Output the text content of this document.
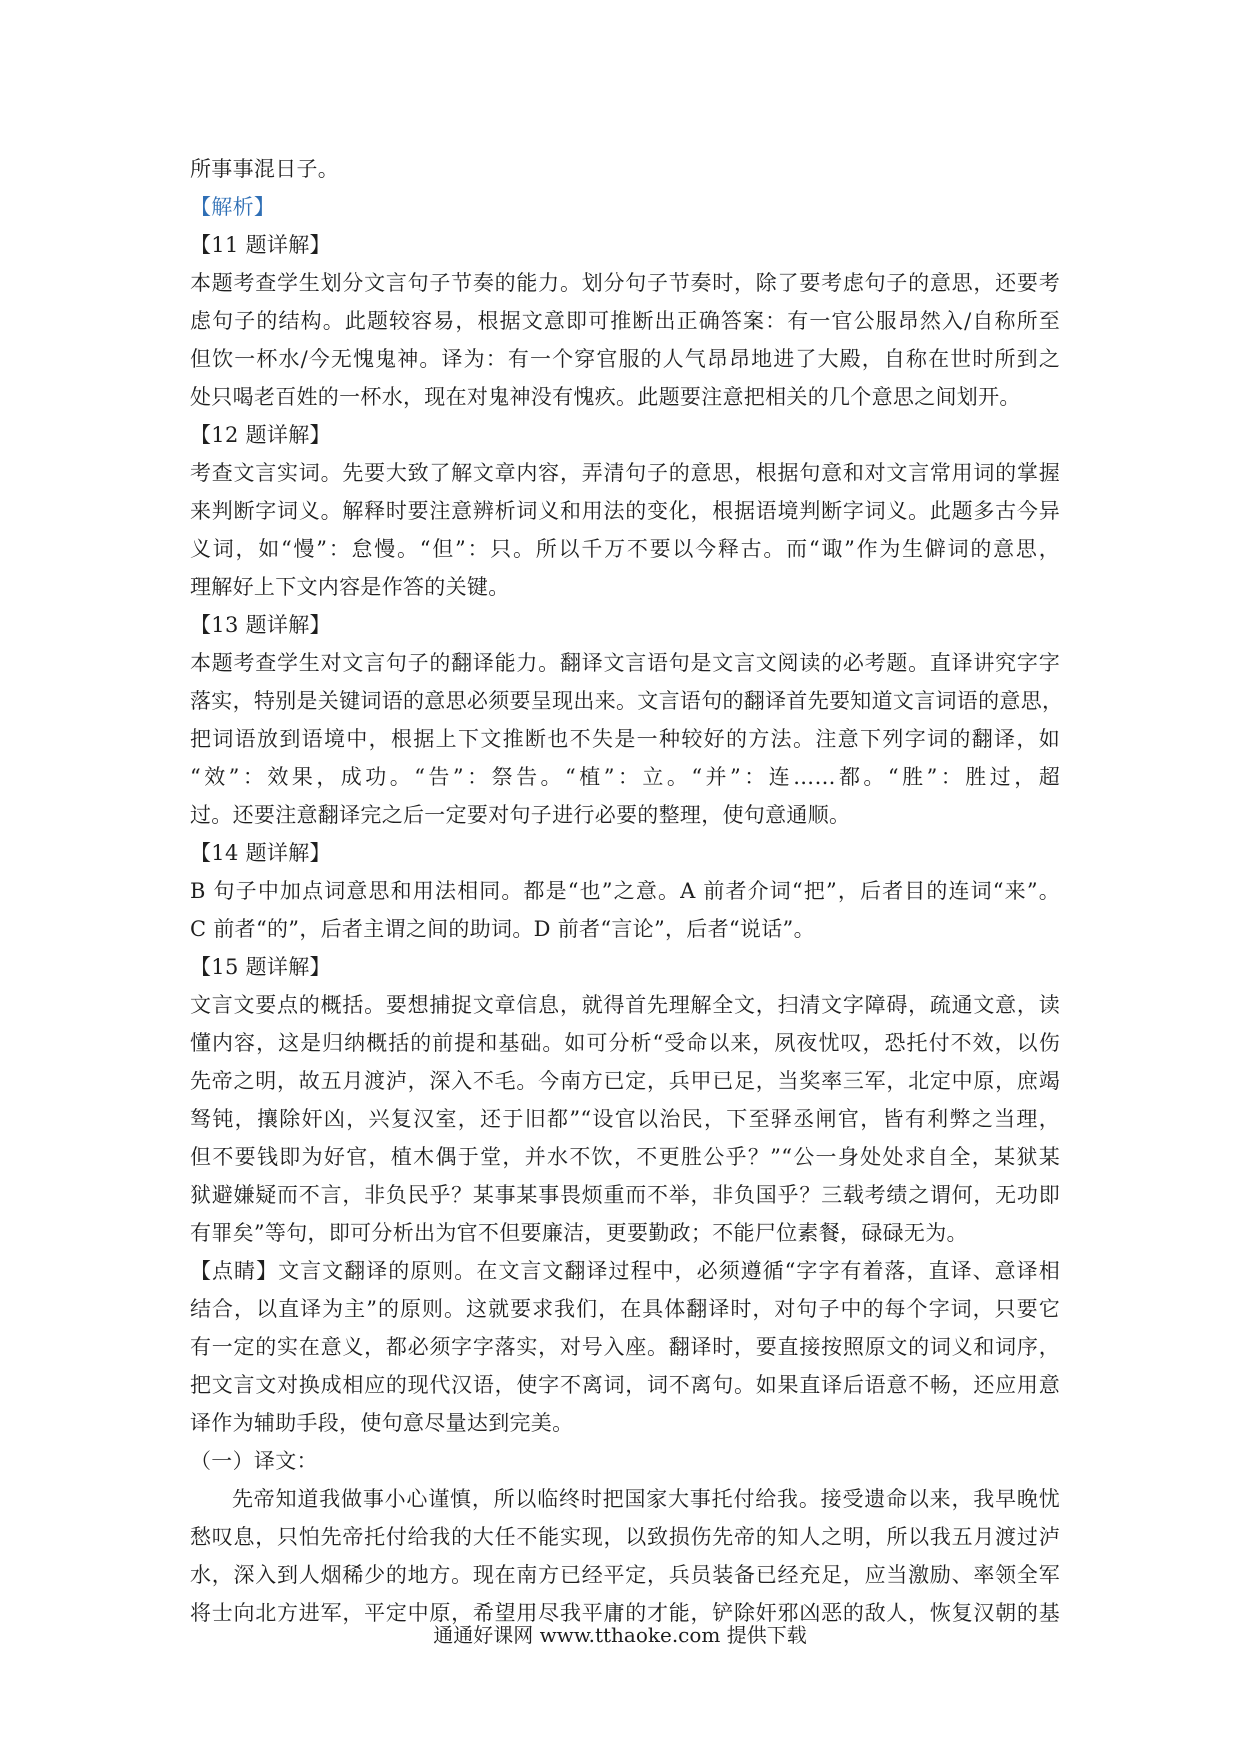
所事事混日子。
【解析】
【11 题详解】
本题考查学生划分文言句子节奏的能力。划分句子节奏时，除了要考虑句子的意思，还要考
虑句子的结构。此题较容易，根据文意即可推断出正确答案：有一官公服昂然入/自称所至
但饮一杯水/今无愧鬼神。译为：有一个穿官服的人气昂昂地进了大殿，自称在世时所到之
处只喝老百姓的一杯水，现在对鬼神没有愧疚。此题要注意把相关的几个意思之间划开。
【12 题详解】
考查文言实词。先要大致了解文章内容，弄清句子的意思，根据句意和对文言常用词的掌握
来判断字词义。解释时要注意辨析词义和用法的变化，根据语境判断字词义。此题多古今异
义词，如“慢”：怠慢。“但”：只。所以千万不要以今释古。而“诹”作为生僻词的意思，
理解好上下文内容是作答的关键。
【13 题详解】
本题考查学生对文言句子的翻译能力。翻译文言语句是文言文阅读的必考题。直译讲究字字
落实，特别是关键词语的意思必须要呈现出来。文言语句的翻译首先要知道文言词语的意思，
把词语放到语境中，根据上下文推断也不失是一种较好的方法。注意下列字词的翻译，如
“效”：效果，成功。“告”：祭告。“植”：立。“并”：连……都。“胜”：胜过，超
过。还要注意翻译完之后一定要对句子进行必要的整理，使句意通顺。
【14 题详解】
B 句子中加点词意思和用法相同。都是“也”之意。A 前者介词“把”，后者目的连词“来”。
C 前者“的”，后者主谓之间的助词。D 前者“言论”，后者“说话”。
【15 题详解】
文言文要点的概括。要想捕捉文章信息，就得首先理解全文，扫清文字障碍，疏通文意，读
懂内容，这是归纳概括的前提和基础。如可分析“受命以来，夙夜忧叹，恐托付不效，以伤
先帝之明，故五月渡泸，深入不毛。今南方已定，兵甲已足，当奖率三军，北定中原，庶竭
驽钝，攘除奸凶，兴复汉室，还于旧都”“设官以治民，下至驿丞闸官，皆有利弊之当理，
但不要钱即为好官，植木偶于堂，并水不饮，不更胜公乎？”“公一身处处求自全，某狱某
狱避嫌疑而不言，非负民乎？某事某事畏烦重而不举，非负国乎？三载考绩之谓何，无功即
有罪矣”等句，即可分析出为官不但要廉洁，更要勤政；不能尸位素餐，碌碌无为。
【点睛】文言文翻译的原则。在文言文翻译过程中，必须遵循“字字有着落，直译、意译相
结合，以直译为主”的原则。这就要求我们，在具体翻译时，对句子中的每个字词，只要它
有一定的实在意义，都必须字字落实，对号入座。翻译时，要直接按照原文的词义和词序，
把文言文对换成相应的现代汉语，使字不离词，词不离句。如果直译后语意不畅，还应用意
译作为辅助手段，使句意尽量达到完美。
（一）译文：
先帝知道我做事小心谨慎，所以临终时把国家大事托付给我。接受遗命以来，我早晚忧
愁叹息，只怕先帝托付给我的大任不能实现，以致损伤先帝的知人之明，所以我五月渡过泸
水，深入到人烟稀少的地方。现在南方已经平定，兵员装备已经充足，应当激励、率领全军
将士向北方进军，平定中原，希望用尽我平庸的才能，铲除奸邪凶恶的敌人，恢复汉朝的基
通通好课网 www.tthaoke.com 提供下载
